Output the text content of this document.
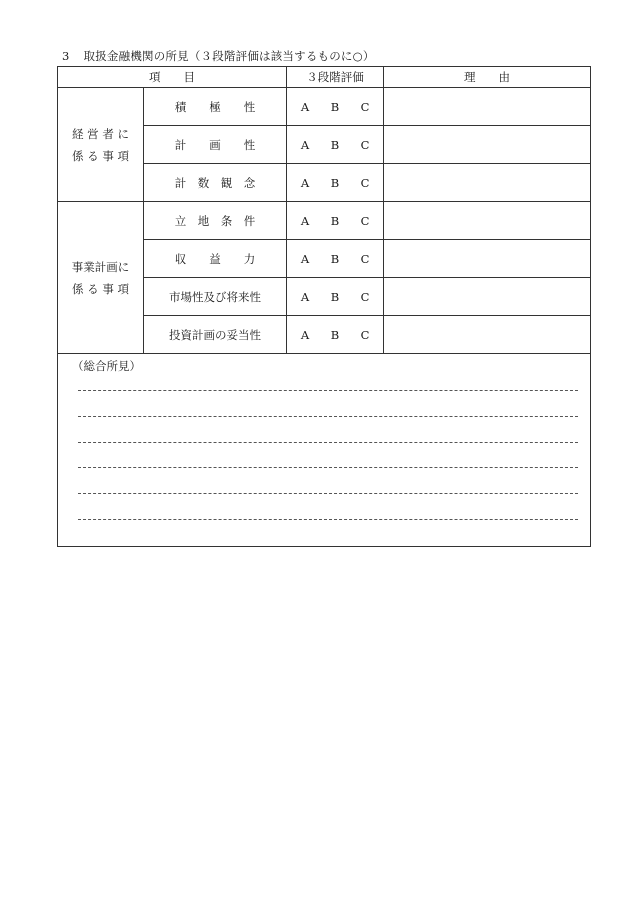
3 取扱金融機関の所見（３段階評価は該当するものに○）
項　　目		３段階評価	理　　由

経 営 者 に
係 る 事 項	積　　極　　性	A B C	
	計　　画　　性	A B C	
	計　数　観　念	A B C	

事業計画に
係 る 事 項	立　地　条　件	A B C	
	収　　益　　力	A B C	
	市場性及び将来性	A B C	
	投資計画の妥当性	A B C	

（総合所見）			
